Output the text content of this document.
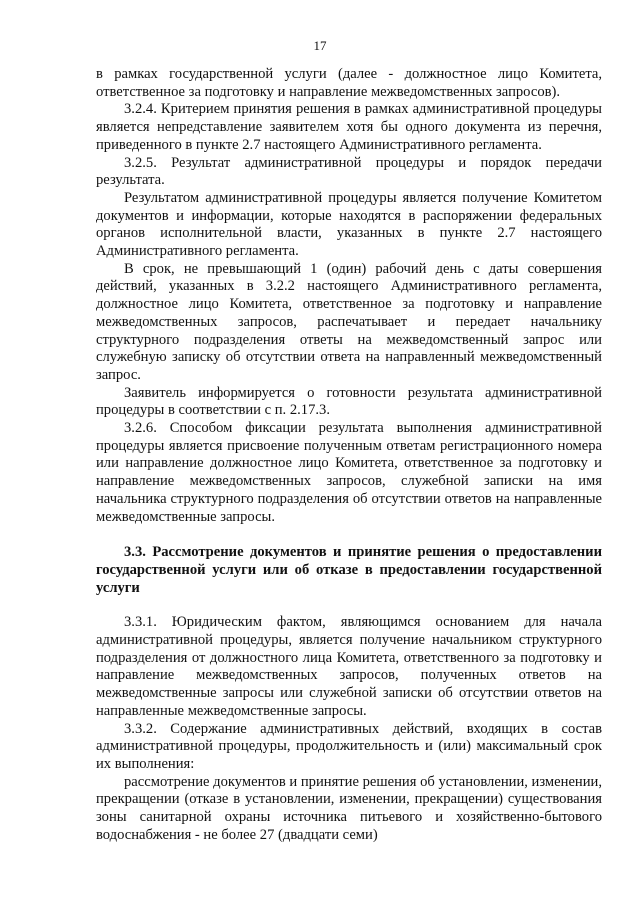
17

в рамках государственной услуги (далее - должностное лицо Комитета, ответственное за подготовку и направление межведомственных запросов).

3.2.4. Критерием принятия решения в рамках административной процедуры является непредставление заявителем хотя бы одного документа из перечня, приведенного в пункте 2.7 настоящего Административного регламента.

3.2.5. Результат административной процедуры и порядок передачи результата.

Результатом административной процедуры является получение Комитетом документов и информации, которые находятся в распоряжении федеральных органов исполнительной власти, указанных в пункте 2.7 настоящего Административного регламента.

В срок, не превышающий 1 (один) рабочий день с даты совершения действий, указанных в 3.2.2 настоящего Административного регламента, должностное лицо Комитета, ответственное за подготовку и направление межведомственных запросов, распечатывает и передает начальнику структурного подразделения ответы на межведомственный запрос или служебную записку об отсутствии ответа на направленный межведомственный запрос.

Заявитель информируется о готовности результата административной процедуры в соответствии с п. 2.17.3.

3.2.6. Способом фиксации результата выполнения административной процедуры является присвоение полученным ответам регистрационного номера или направление должностное лицо Комитета, ответственное за подготовку и направление межведомственных запросов, служебной записки на имя начальника структурного подразделения об отсутствии ответов на направленные межведомственные запросы.

3.3. Рассмотрение документов и принятие решения о предоставлении государственной услуги или об отказе в предоставлении государственной услуги

3.3.1. Юридическим фактом, являющимся основанием для начала административной процедуры, является получение начальником структурного подразделения от должностного лица Комитета, ответственного за подготовку и направление межведомственных запросов, полученных ответов на межведомственные запросы или служебной записки об отсутствии ответов на направленные межведомственные запросы.

3.3.2. Содержание административных действий, входящих в состав административной процедуры, продолжительность и (или) максимальный срок их выполнения:

рассмотрение документов и принятие решения об установлении, изменении, прекращении (отказе в установлении, изменении, прекращении) существования зоны санитарной охраны источника питьевого и хозяйственно-бытового водоснабжения - не более 27 (двадцати семи)
